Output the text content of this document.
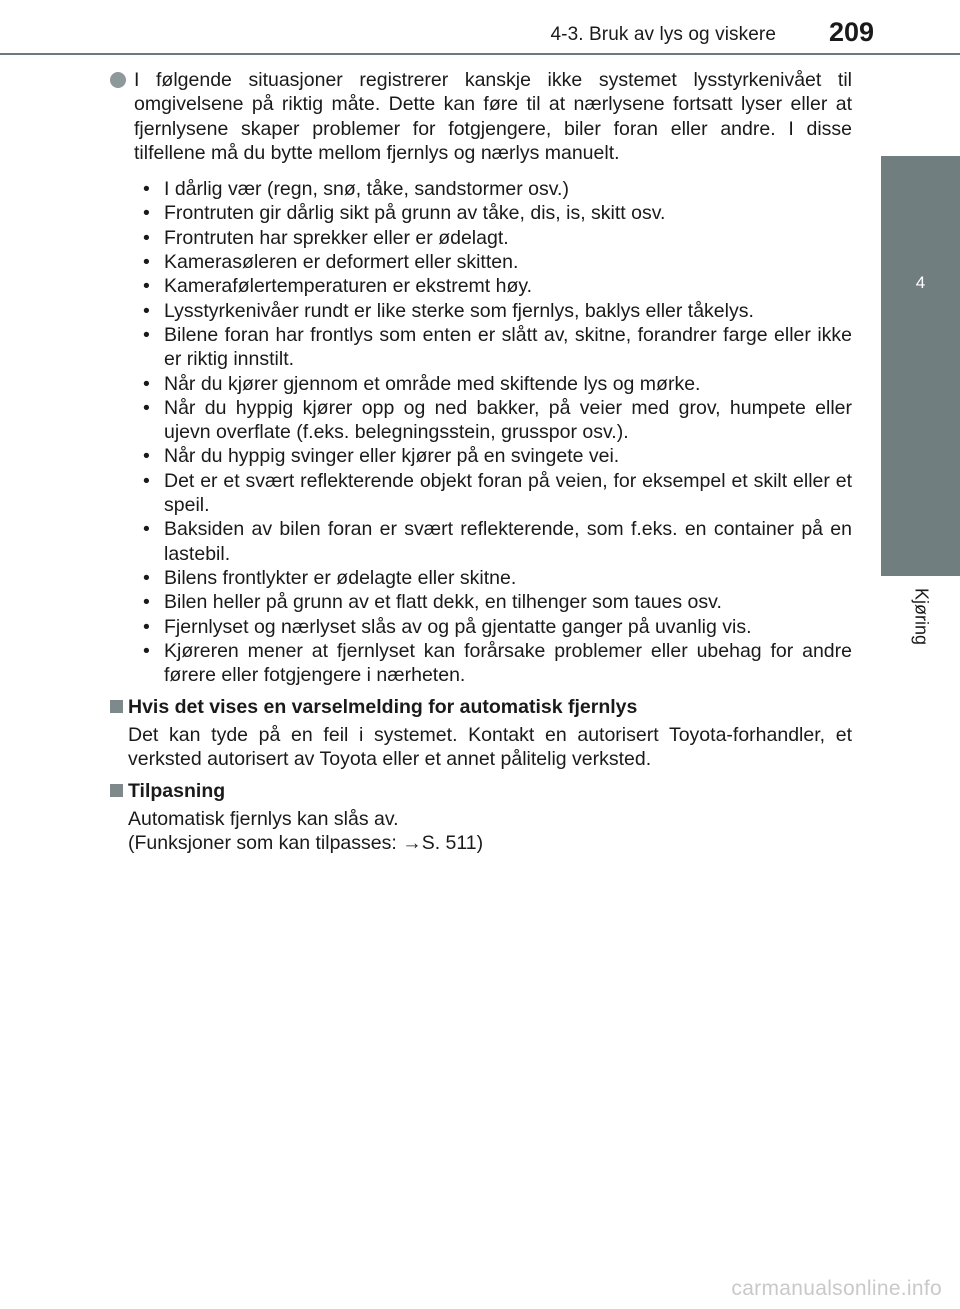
4-3. Bruk av lys og viskere 209
4
Kjøring
I følgende situasjoner registrerer kanskje ikke systemet lysstyrkenivået til omgivelsene på riktig måte. Dette kan føre til at nærlysene fortsatt lyser eller at fjernlysene skaper problemer for fotgjengere, biler foran eller andre. I disse tilfellene må du bytte mellom fjernlys og nærlys manuelt.
• I dårlig vær (regn, snø, tåke, sandstormer osv.)
• Frontruten gir dårlig sikt på grunn av tåke, dis, is, skitt osv.
• Frontruten har sprekker eller er ødelagt.
• Kamerasøleren er deformert eller skitten.
• Kamerafølertemperaturen er ekstremt høy.
• Lysstyrkenivåer rundt er like sterke som fjernlys, baklys eller tåkelys.
• Bilene foran har frontlys som enten er slått av, skitne, forandrer farge eller ikke er riktig innstilt.
• Når du kjører gjennom et område med skiftende lys og mørke.
• Når du hyppig kjører opp og ned bakker, på veier med grov, humpete eller ujevn overflate (f.eks. belegningsstein, grusspor osv.).
• Når du hyppig svinger eller kjører på en svingete vei.
• Det er et svært reflekterende objekt foran på veien, for eksempel et skilt eller et speil.
• Baksiden av bilen foran er svært reflekterende, som f.eks. en container på en lastebil.
• Bilens frontlykter er ødelagte eller skitne.
• Bilen heller på grunn av et flatt dekk, en tilhenger som taues osv.
• Fjernlyset og nærlyset slås av og på gjentatte ganger på uvanlig vis.
• Kjøreren mener at fjernlyset kan forårsake problemer eller ubehag for andre førere eller fotgjengere i nærheten.
Hvis det vises en varselmelding for automatisk fjernlys

Det kan tyde på en feil i systemet. Kontakt en autorisert Toyota-forhandler, et verksted autorisert av Toyota eller et annet pålitelig verksted.

Tilpasning

Automatisk fjernlys kan slås av.

(Funksjoner som kan tilpasses: →S. 511)

carmanualsonline.info
